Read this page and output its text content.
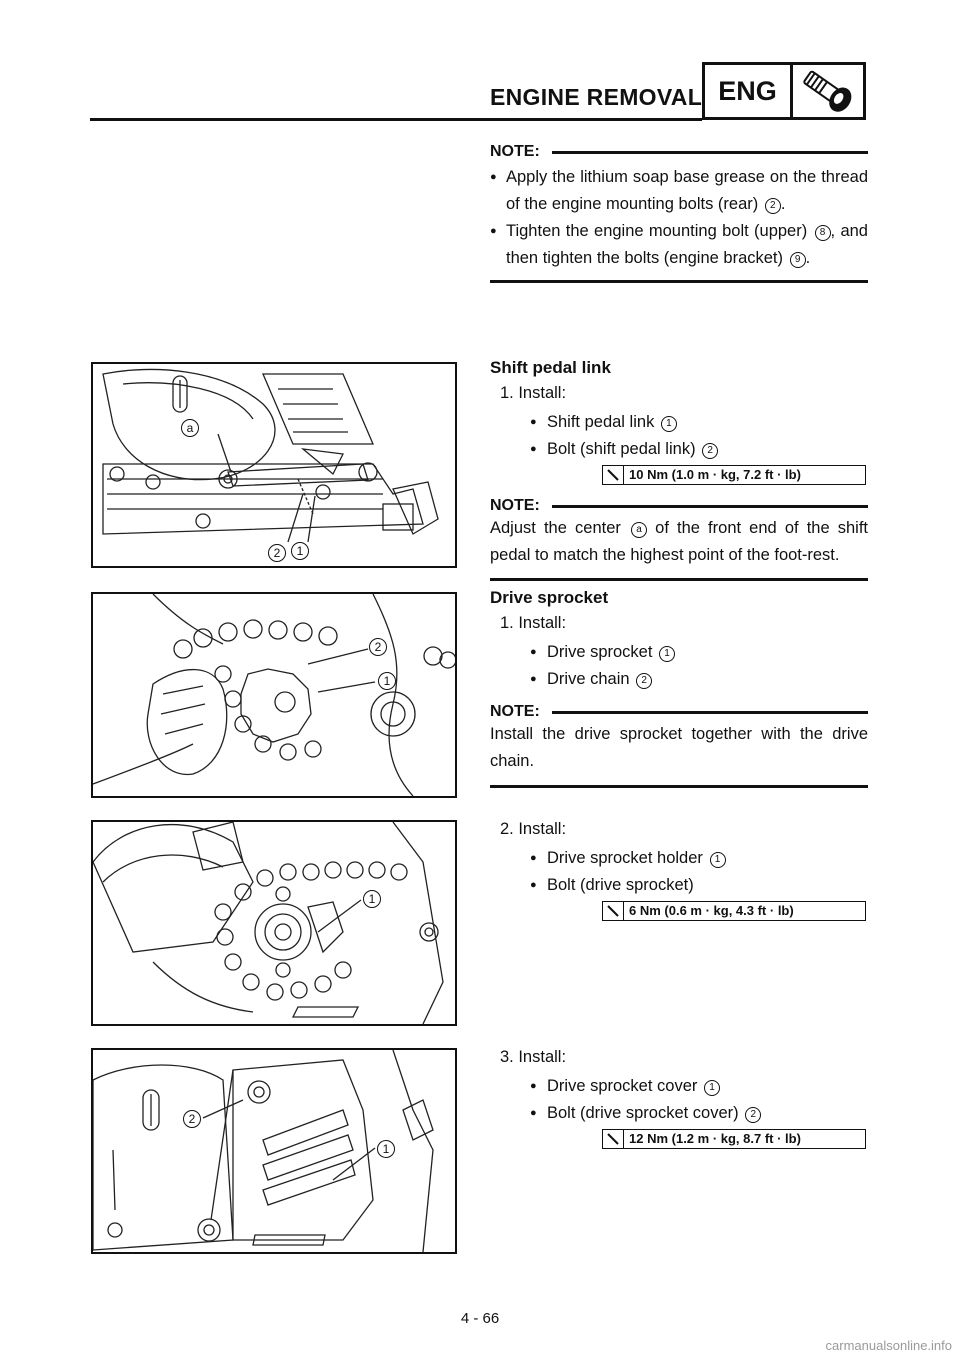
ENGINE REMOVAL ENG
NOTE:
● Apply the lithium soap base grease on the thread of the engine mounting bolts (rear) 2 .
● Tighten the engine mounting bolt (upper) 8 , and then tighten the bolts (engine bracket) 9 .
a
2	1
Shift pedal link
1. Install:
● Shift pedal link 1
● Bolt (shift pedal link) 2
10 Nm (1.0 m · kg, 7.2 ft · lb)
NOTE:
Adjust the center a of the front end of the shift pedal to match the highest point of the foot-rest.
2
1
Drive sprocket
1. Install:
● Drive sprocket 1
● Drive chain 2
NOTE:
Install the drive sprocket together with the drive chain.
1
2. Install:
● Drive sprocket holder 1
● Bolt (drive sprocket)
6 Nm (0.6 m · kg, 4.3 ft · lb)
2
1
3. Install:
● Drive sprocket cover 1
● Bolt (drive sprocket cover) 2
12 Nm (1.2 m · kg, 8.7 ft · lb)
4 - 66
carmanualsonline.info
